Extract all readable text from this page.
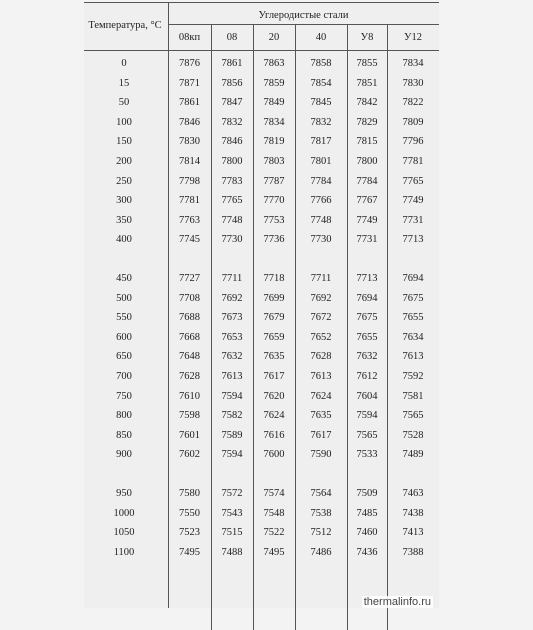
Температура, °С
Углеродистые стали
08кп	08	20	40	У8	У12
0	7876	7861	7863	7858	7855	7834
15	7871	7856	7859	7854	7851	7830
50	7861	7847	7849	7845	7842	7822
100	7846	7832	7834	7832	7829	7809
150	7830	7846	7819	7817	7815	7796
200	7814	7800	7803	7801	7800	7781
250	7798	7783	7787	7784	7784	7765
300	7781	7765	7770	7766	7767	7749
350	7763	7748	7753	7748	7749	7731
400	7745	7730	7736	7730	7731	7713
450	7727	7711	7718	7711	7713	7694
500	7708	7692	7699	7692	7694	7675
550	7688	7673	7679	7672	7675	7655
600	7668	7653	7659	7652	7655	7634
650	7648	7632	7635	7628	7632	7613
700	7628	7613	7617	7613	7612	7592
750	7610	7594	7620	7624	7604	7581
800	7598	7582	7624	7635	7594	7565
850	7601	7589	7616	7617	7565	7528
900	7602	7594	7600	7590	7533	7489
950	7580	7572	7574	7564	7509	7463
1000	7550	7543	7548	7538	7485	7438
1050	7523	7515	7522	7512	7460	7413
1100	7495	7488	7495	7486	7436	7388
thermalinfo.ru
